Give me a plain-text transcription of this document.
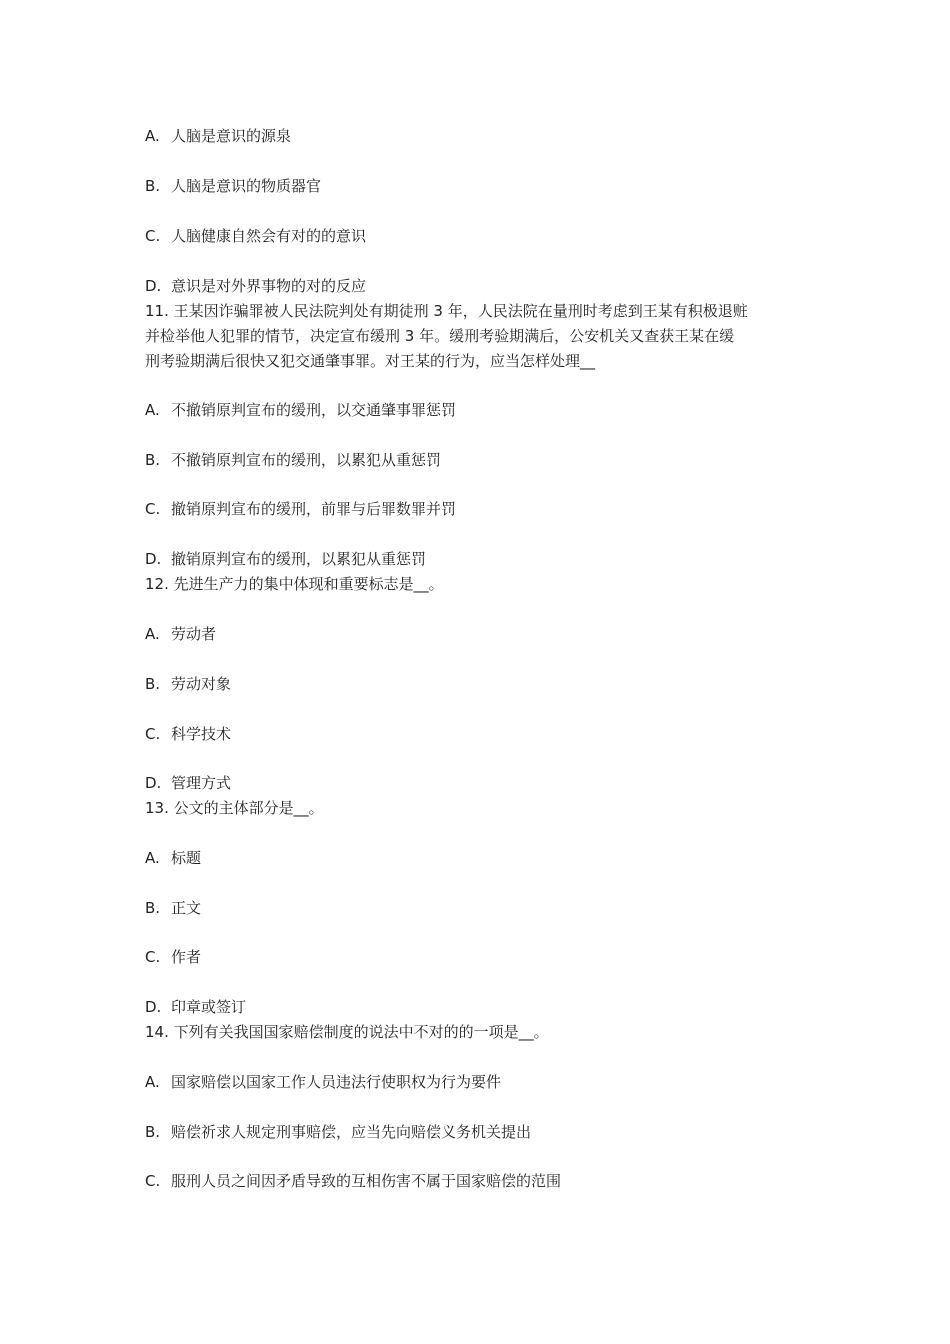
A. 人脑是意识的源泉
B. 人脑是意识的物质器官
C. 人脑健康自然会有对的的意识
D. 意识是对外界事物的对的反应
11. 王某因诈骗罪被人民法院判处有期徒刑 3 年，人民法院在量刑时考虑到王某有积极退赃
并检举他人犯罪的情节，决定宣布缓刑 3 年。缓刑考验期满后，公安机关又查获王某在缓
刑考验期满后很快又犯交通肇事罪。对王某的行为，应当怎样处理__
A. 不撤销原判宣布的缓刑，以交通肇事罪惩罚
B. 不撤销原判宣布的缓刑，以累犯从重惩罚
C. 撤销原判宣布的缓刑，前罪与后罪数罪并罚
D. 撤销原判宣布的缓刑，以累犯从重惩罚
12. 先进生产力的集中体现和重要标志是__。
A. 劳动者
B. 劳动对象
C. 科学技术
D. 管理方式
13. 公文的主体部分是__。
A. 标题
B. 正文
C. 作者
D. 印章或签订
14. 下列有关我国国家赔偿制度的说法中不对的的一项是__。
A. 国家赔偿以国家工作人员违法行使职权为行为要件
B. 赔偿祈求人规定刑事赔偿，应当先向赔偿义务机关提出
C. 服刑人员之间因矛盾导致的互相伤害不属于国家赔偿的范围
